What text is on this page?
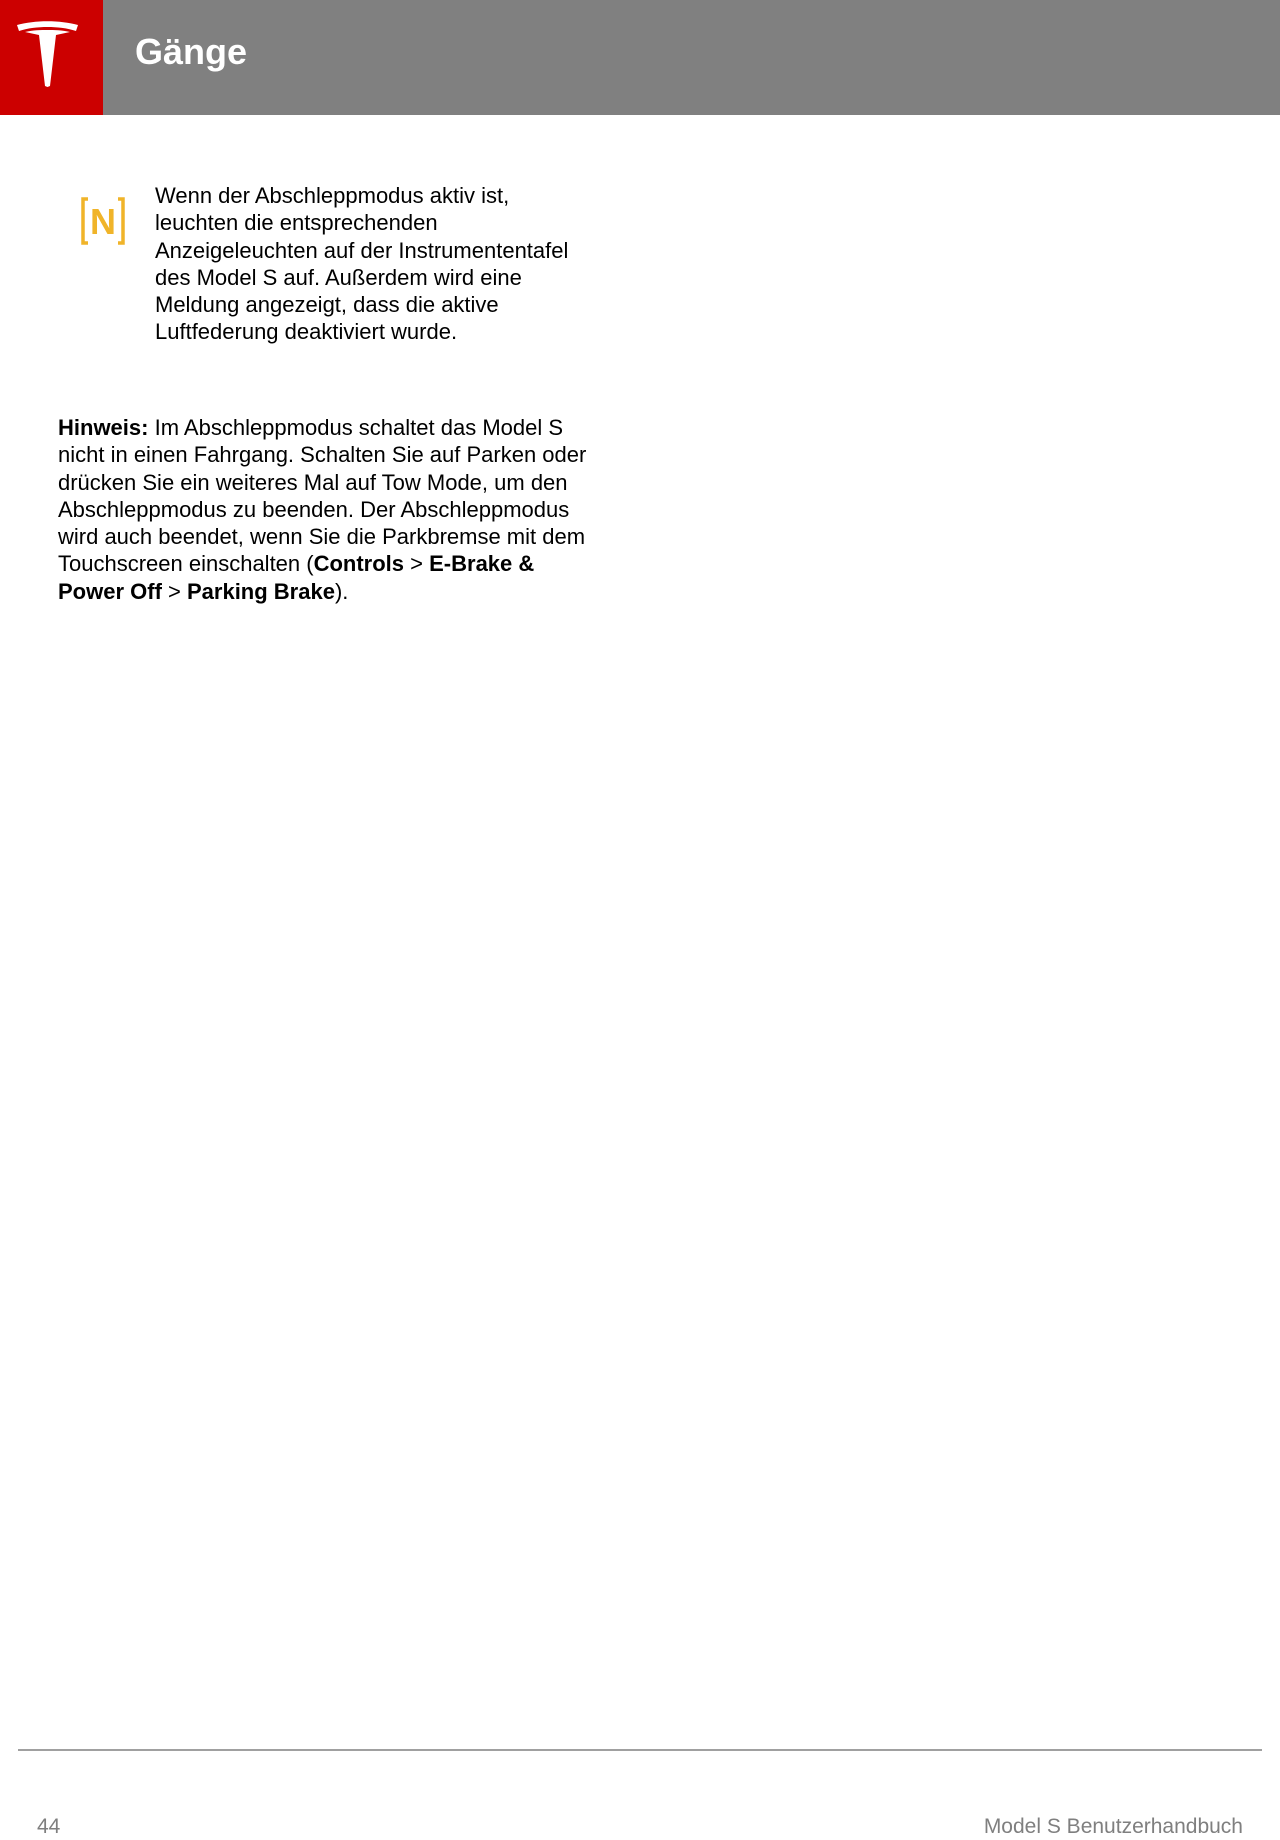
Gänge
N
Wenn der Abschleppmodus aktiv ist, leuchten die entsprechenden Anzeigeleuchten auf der Instrumententafel des Model S auf. Außerdem wird eine Meldung angezeigt, dass die aktive Luftfederung deaktiviert wurde.
Hinweis: Im Abschleppmodus schaltet das Model S nicht in einen Fahrgang. Schalten Sie auf Parken oder drücken Sie ein weiteres Mal auf Tow Mode, um den Abschleppmodus zu beenden. Der Abschleppmodus wird auch beendet, wenn Sie die Parkbremse mit dem Touchscreen einschalten (Controls > E-Brake & Power Off > Parking Brake).
44	Model S Benutzerhandbuch
